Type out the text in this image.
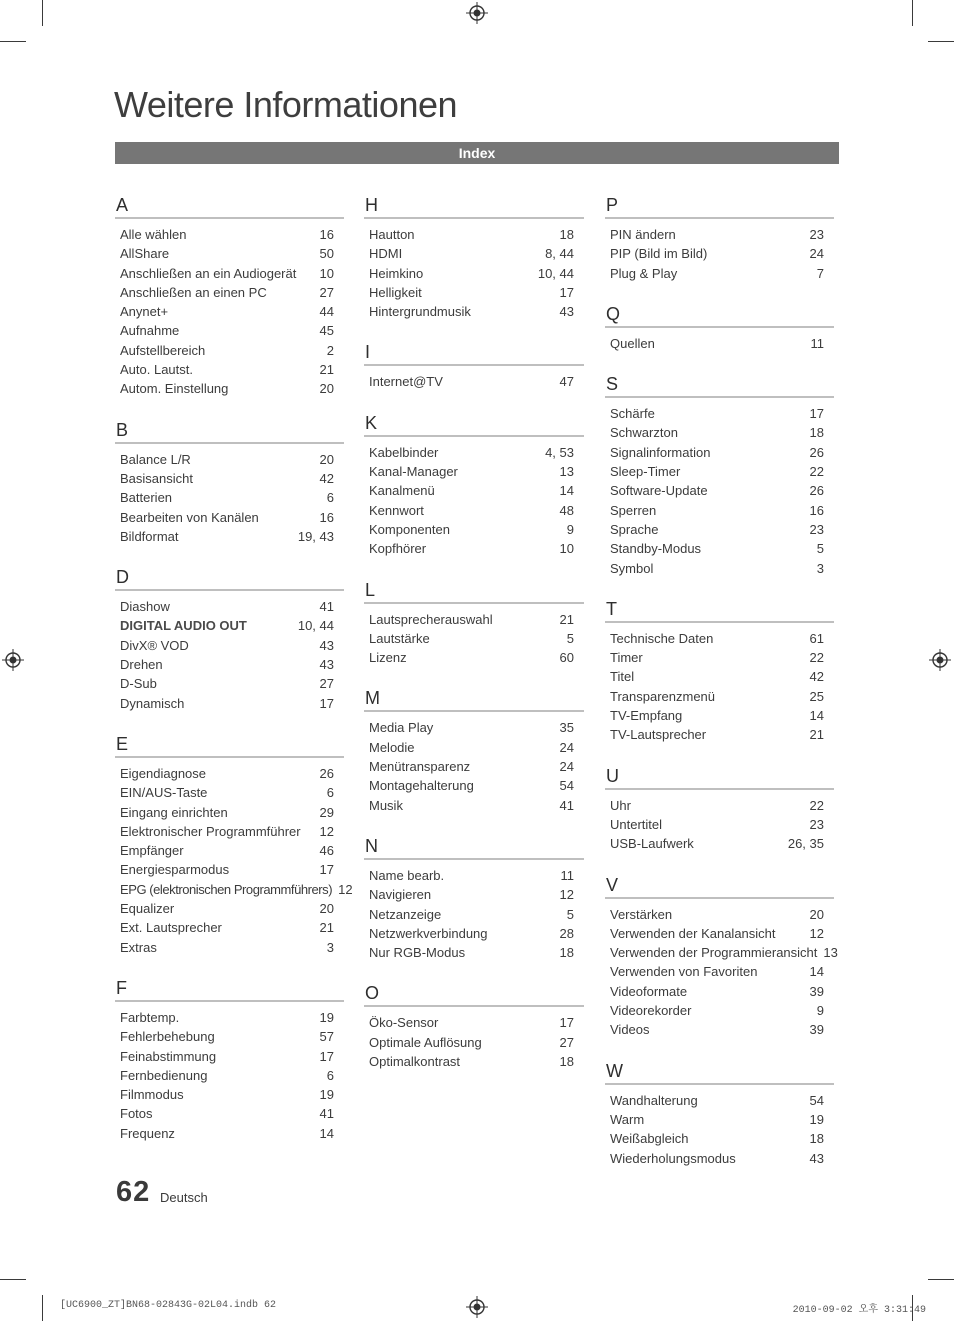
Weitere Informationen
Index
A
Alle wählen	16
AllShare	50
Anschließen an ein Audiogerät	10
Anschließen an einen PC	27
Anynet+	44
Aufnahme	45
Aufstellbereich	2
Auto. Lautst.	21
Autom. Einstellung	20
B
Balance L/R	20
Basisansicht	42
Batterien	6
Bearbeiten von Kanälen	16
Bildformat	19, 43
D
Diashow	41
DIGITAL AUDIO OUT	10, 44
DivX® VOD	43
Drehen	43
D-Sub	27
Dynamisch	17
E
Eigendiagnose	26
EIN/AUS-Taste	6
Eingang einrichten	29
Elektronischer Programmführer	12
Empfänger	46
Energiesparmodus	17
EPG (elektronischen Programmführers) 12
Equalizer	20
Ext. Lautsprecher	21
Extras	3
F
Farbtemp.	19
Fehlerbehebung	57
Feinabstimmung	17
Fernbedienung	6
Filmmodus	19
Fotos	41
Frequenz	14
H
Hautton	18
HDMI	8, 44
Heimkino	10, 44
Helligkeit	17
Hintergrundmusik	43
I
Internet@TV	47
K
Kabelbinder	4, 53
Kanal-Manager	13
Kanalmenü	14
Kennwort	48
Komponenten	9
Kopfhörer	10
L
Lautsprecherauswahl	21
Lautstärke	5
Lizenz	60
M
Media Play	35
Melodie	24
Menütransparenz	24
Montagehalterung	54
Musik	41
N
Name bearb.	11
Navigieren	12
Netzanzeige	5
Netzwerkverbindung	28
Nur RGB-Modus	18
O
Öko-Sensor	17
Optimale Auflösung	27
Optimalkontrast	18
P
PIN ändern	23
PIP (Bild im Bild)	24
Plug & Play	7
Q
Quellen	11
S
Schärfe	17
Schwarzton	18
Signalinformation	26
Sleep-Timer	22
Software-Update	26
Sperren	16
Sprache	23
Standby-Modus	5
Symbol	3
T
Technische Daten	61
Timer	22
Titel	42
Transparenzmenü	25
TV-Empfang	14
TV-Lautsprecher	21
U
Uhr	22
Untertitel	23
USB-Laufwerk	26, 35
V
Verstärken	20
Verwenden der Kanalansicht	12
Verwenden der Programmieransicht 13
Verwenden von Favoriten	14
Videoformate	39
Videorekorder	9
Videos	39
W
Wandhalterung	54
Warm	19
Weißabgleich	18
Wiederholungsmodus	43
62 Deutsch
[UC6900_ZT]BN68-02843G-02L04.indb 62	2010-09-02 오후 3:31:49
